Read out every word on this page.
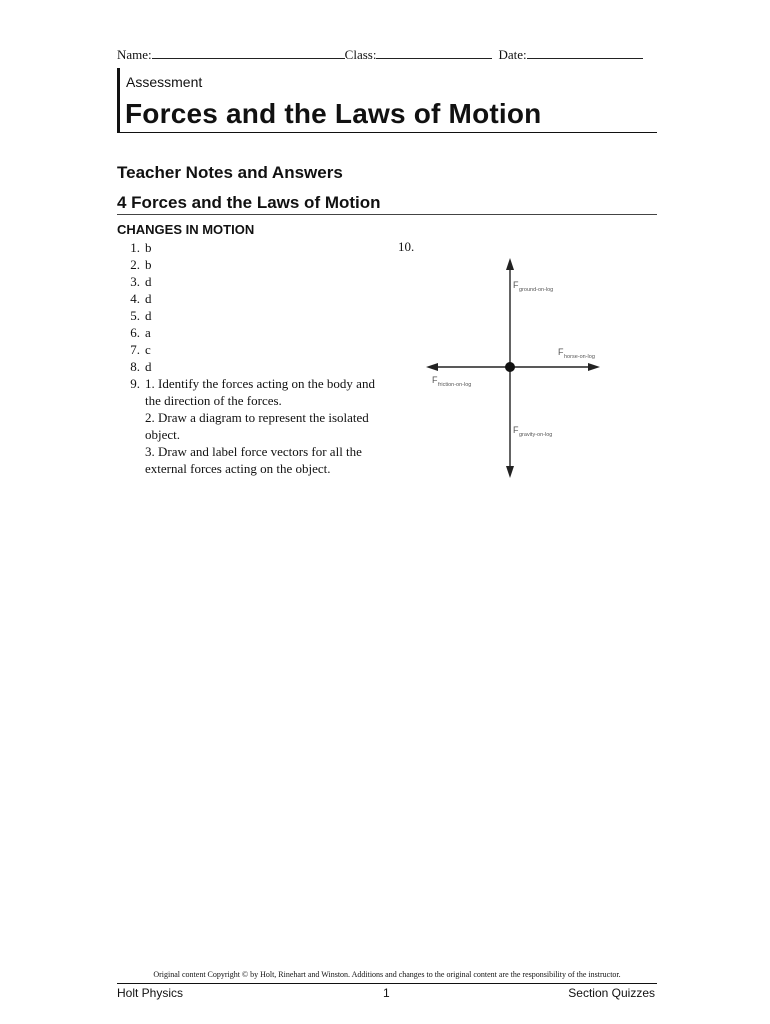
Name:	Class:	Date:
Assessment
Forces and the Laws of Motion
Teacher Notes and Answers
4 Forces and the Laws of Motion
CHANGES IN MOTION
1. b
2. b
3. d
4. d
5. d
6. a
7. c
8. d
9. 1. Identify the forces acting on the body and the direction of the forces.
2. Draw a diagram to represent the isolated object.
3. Draw and label force vectors for all the external forces acting on the object.
10.
F ground-on-log
F horse-on-log
F friction-on-log
F gravity-on-log
Original content Copyright © by Holt, Rinehart and Winston. Additions and changes to the original content are the responsibility of the instructor.
Holt Physics	1	Section Quizzes
